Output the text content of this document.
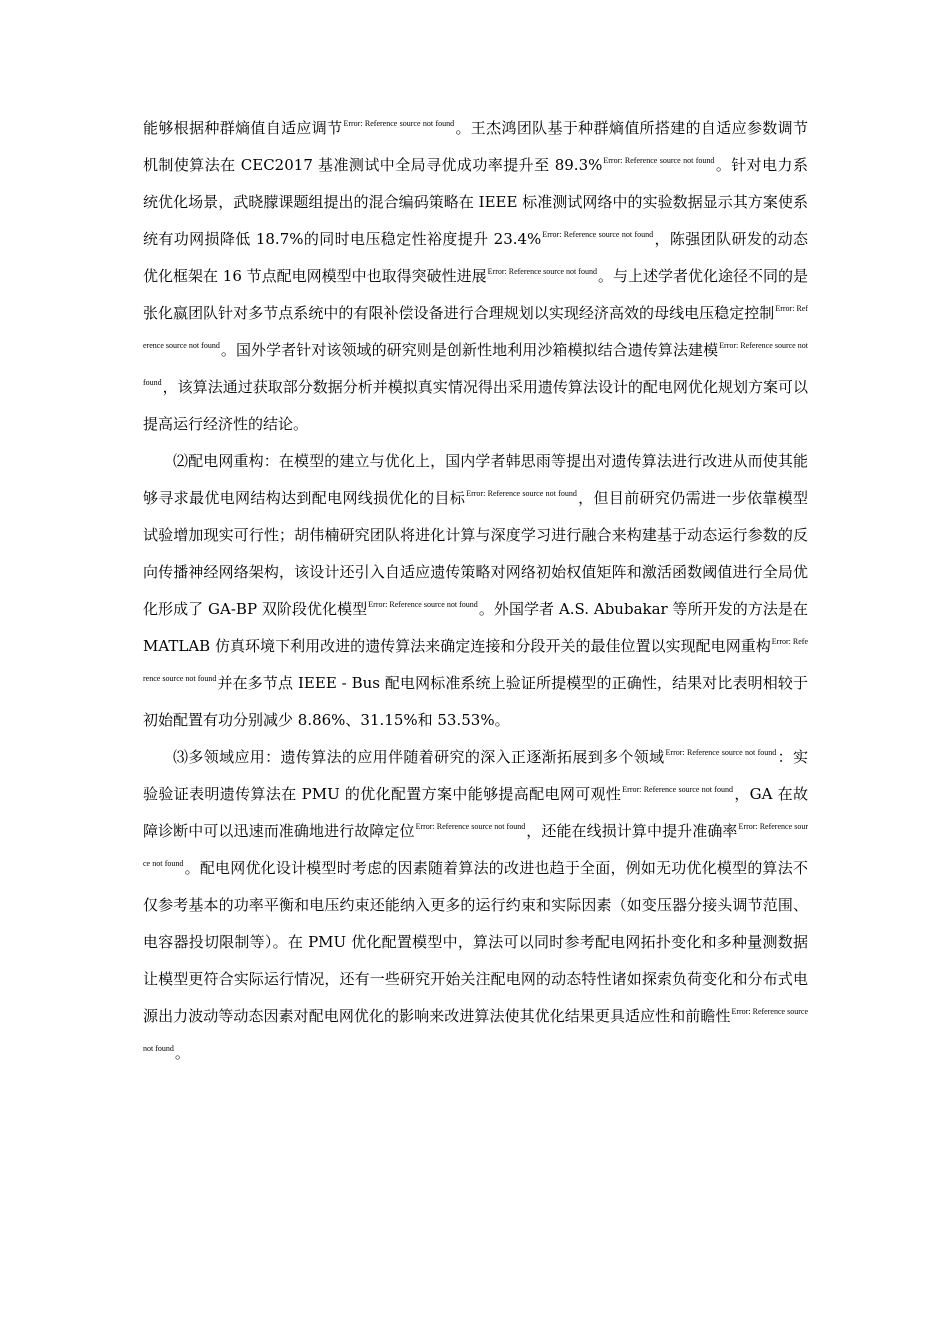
能够根据种群熵值自适应调节$^{Error: Reference source not found}$。王杰鸿团队基于种群熵值所搭建的自适应参数调节机制使算法在 CEC2017 基准测试中全局寻优成功率提升至 89.3%$^{Error: Reference source not found}$。针对电力系统优化场景，武晓朦课题组提出的混合编码策略在 IEEE 标准测试网络中的实验数据显示其方案使系统有功网损降低 18.7%的同时电压稳定性裕度提升 23.4%$^{Error: Reference source not found}$，陈强团队研发的动态优化框架在 16 节点配电网模型中也取得突破性进展$^{Error: Reference source not found}$。与上述学者优化途径不同的是张化嬴团队针对多节点系统中的有限补偿设备进行合理规划以实现经济高效的母线电压稳定控制$^{Error: Reference source not found}$。国外学者针对该领域的研究则是创新性地利用沙箱模拟结合遗传算法建模$^{Error: Reference source not found}$，该算法通过获取部分数据分析并模拟真实情况得出采用遗传算法设计的配电网优化规划方案可以提高运行经济性的结论。

⑵配电网重构：在模型的建立与优化上，国内学者韩思雨等提出对遗传算法进行改进从而使其能够寻求最优电网结构达到配电网线损优化的目标$^{Error: Reference source not found}$，但目前研究仍需进一步依靠模型试验增加现实可行性；胡伟楠研究团队将进化计算与深度学习进行融合来构建基于动态运行参数的反向传播神经网络架构，该设计还引入自适应遗传策略对网络初始权值矩阵和激活函数阈值进行全局优化形成了 GA-BP 双阶段优化模型$^{Error: Reference source not found}$。外国学者 A.S. Abubakar 等所开发的方法是在 MATLAB 仿真环境下利用改进的遗传算法来确定连接和分段开关的最佳位置以实现配电网重构$^{Error: Reference source not found}$并在多节点 IEEE - Bus 配电网标准系统上验证所提模型的正确性，结果对比表明相较于初始配置有功分别减少 8.86%、31.15%和 53.53%。

⑶多领域应用：遗传算法的应用伴随着研究的深入正逐渐拓展到多个领域$^{Error: Reference source not found}$：实验验证表明遗传算法在 PMU 的优化配置方案中能够提高配电网可观性$^{Error: Reference source not found}$，GA 在故障诊断中可以迅速而准确地进行故障定位$^{Error: Reference source not found}$，还能在线损计算中提升准确率$^{Error: Reference source not found}$。配电网优化设计模型时考虑的因素随着算法的改进也趋于全面，例如无功优化模型的算法不仅参考基本的功率平衡和电压约束还能纳入更多的运行约束和实际因素（如变压器分接头调节范围、电容器投切限制等）。在 PMU 优化配置模型中，算法可以同时参考配电网拓扑变化和多种量测数据让模型更符合实际运行情况，还有一些研究开始关注配电网的动态特性诸如探索负荷变化和分布式电源出力波动等动态因素对配电网优化的影响来改进算法使其优化结果更具适应性和前瞻性$^{Error: Reference source not found}$。
